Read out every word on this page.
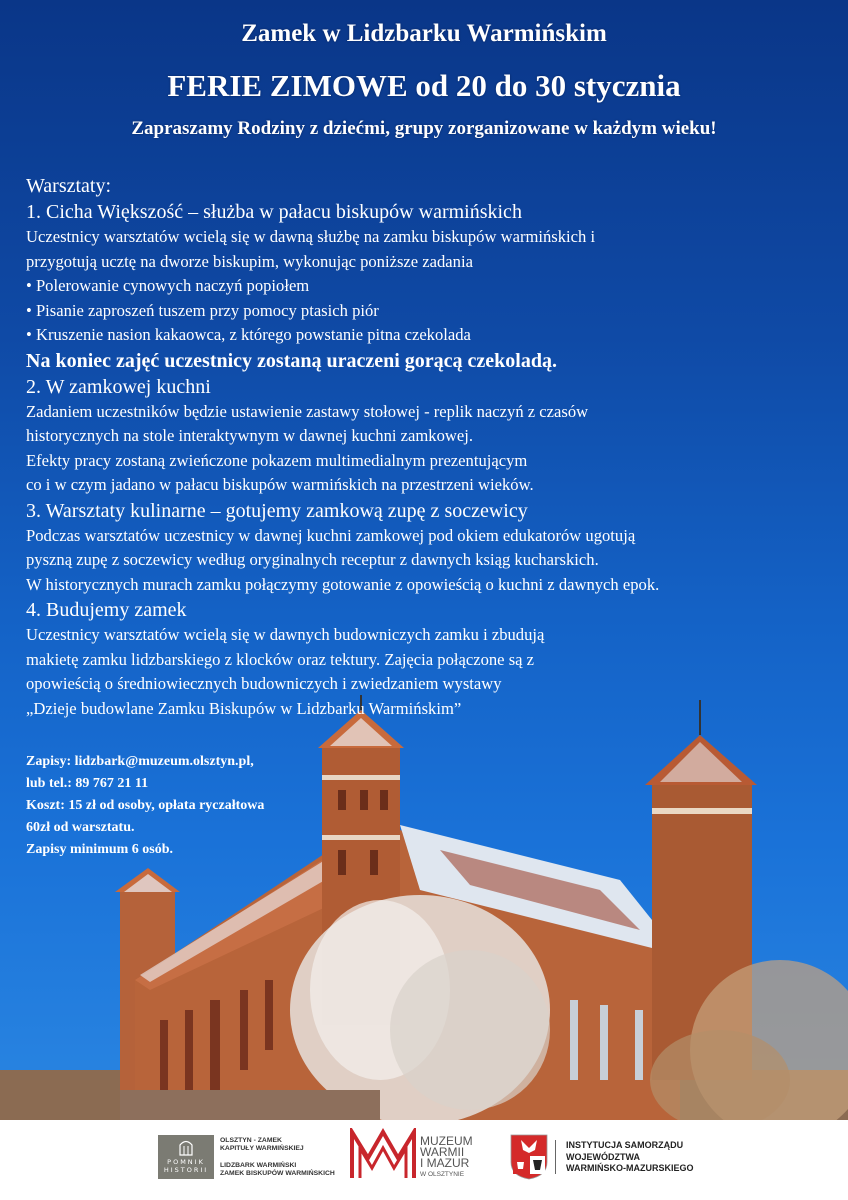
Zamek w Lidzbarku Warmińskim
FERIE ZIMOWE od 20 do 30 stycznia
Zapraszamy Rodziny z dziećmi, grupy zorganizowane w każdym wieku!
Warsztaty:
1. Cicha Większość – służba w pałacu biskupów warmińskich
Uczestnicy warsztatów wcielą się w dawną służbę na zamku biskupów warmińskich i
przygotują ucztę na dworze biskupim, wykonując poniższe zadania
• Polerowanie cynowych naczyń popiołem
• Pisanie zaproszeń tuszem przy pomocy ptasich piór
• Kruszenie nasion kakaowca, z którego powstanie pitna czekolada
Na koniec zajęć uczestnicy zostaną uraczeni gorącą czekoladą.
2. W zamkowej kuchni
Zadaniem uczestników będzie ustawienie zastawy stołowej - replik naczyń z czasów
historycznych na stole interaktywnym w dawnej kuchni zamkowej.
Efekty pracy zostaną zwieńczone pokazem multimedialnym prezentującym
co i w czym jadano w pałacu biskupów warmińskich na przestrzeni wieków.
3. Warsztaty kulinarne – gotujemy zamkową zupę z soczewicy
Podczas warsztatów uczestnicy w dawnej kuchni zamkowej pod okiem edukatorów ugotują
pyszną zupę z soczewicy według oryginalnych receptur z dawnych ksiąg kucharskich.
W historycznych murach zamku połączymy gotowanie z opowieścią o kuchni z dawnych epok.
4. Budujemy zamek
Uczestnicy warsztatów wcielą się w dawnych budowniczych zamku i zbudują
makietę zamku lidzbarskiego z klocków oraz tektury. Zajęcia połączone są z
opowieścią o średniowiecznych budowniczych i zwiedzaniem wystawy
„Dzieje budowlane Zamku Biskupów w Lidzbarku Warmińskim”
Zapisy: lidzbark@muzeum.olsztyn.pl,
lub tel.: 89 767 21 11
Koszt: 15 zł od osoby, opłata ryczałtowa
60zł od warsztatu.
Zapisy minimum 6 osób.
POMNIK
HISTORII
OLSZTYN - ZAMEK
KAPITUŁY WARMIŃSKIEJ
LIDZBARK WARMIŃSKI
ZAMEK BISKUPÓW WARMIŃSKICH
MUZEUM
WARMII
I MAZUR
W OLSZTYNIE
INSTYTUCJA SAMORZĄDU
WOJEWÓDZTWA
WARMIŃSKO-MAZURSKIEGO
